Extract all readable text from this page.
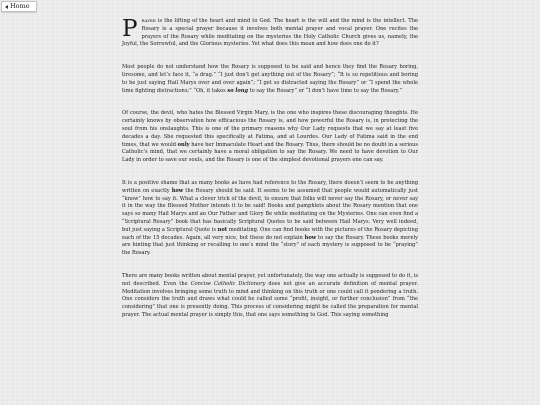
Home

Prayer is the lifting of the heart and mind to God. The heart is the will and the mind is the intellect. The Rosary is a special prayer because it involves both mental prayer and vocal prayer. One recites the prayers of the Rosary while meditating on the mysteries the Holy Catholic Church gives us, namely, the Joyful, the Sorrowful, and the Glorious mysteries. Yet what does this mean and how does one do it?

Most people do not understand how the Rosary is supposed to be said and hence they find the Rosary boring, tiresome, and let’s face it, “a drag.” “I just don’t get anything out of the Rosary”; “It is so repetitious and boring to be just saying Hail Marys over and over again”; “I get so distracted saying the Rosary” or “I spend the whole time fighting distractions;” “Oh, it takes so long to say the Rosary” or “I don’t have time to say the Rosary.”

Of course, the devil, who hates the Blessed Virgin Mary, is the one who inspires these discouraging thoughts. He certainly knows by observation how efficacious the Rosary is, and how powerful the Rosary is, in protecting the soul from his onslaughts. This is one of the primary reasons why Our Lady requests that we say at least five decades a day. She requested this specifically at Fatima, and at Lourdes. Our Lady of Fatima said in the end times, that we would only have her Immaculate Heart and the Rosary. Thus, there should be no doubt in a serious Catholic’s mind, that we certainly have a moral obligation to say the Rosary. We need to have devotion to Our Lady in order to save our souls, and the Rosary is one of the simplest devotional prayers one can say.

It is a positive shame that as many books as have had reference to the Rosary, there doesn’t seem to be anything written on exactly how the Rosary should be said. It seems to be assumed that people would automatically just “know” how to say it. What a clever trick of the devil, to ensure that folks will never say the Rosary, or never say it in the way the Blessed Mother intends it to be said! Books and pamphlets about the Rosary mention that one says so many Hail Marys and an Our Father and Glory Be while meditating on the Mysteries. One can even find a “Scriptural Rosary” book that has basically Scriptural Quotes to be said between Hail Marys. Very well indeed, but just saying a Scriptural Quote is not meditating. One can find books with the pictures of the Rosary depicting each of the 15 decades. Again, all very nice, but these do not explain how to say the Rosary. These books merely are hinting that just thinking or recalling to one’s mind the “story” of each mystery is supposed to be “praying” the Rosary.

There are many books written about mental prayer, yet unfortunately, the way one actually is supposed to do it, is not described. Even the Concise Catholic Dictionary does not give an accurate definition of mental prayer. Meditation involves bringing some truth to mind and thinking on this truth or one could call it pondering a truth. One considers the truth and draws what could be called some “profit, insight, or further conclusion” from “the considering” that one is presently doing. This process of considering might be called the preparation for mental prayer. The actual mental prayer is simply this, that one says something to God. This saying something
